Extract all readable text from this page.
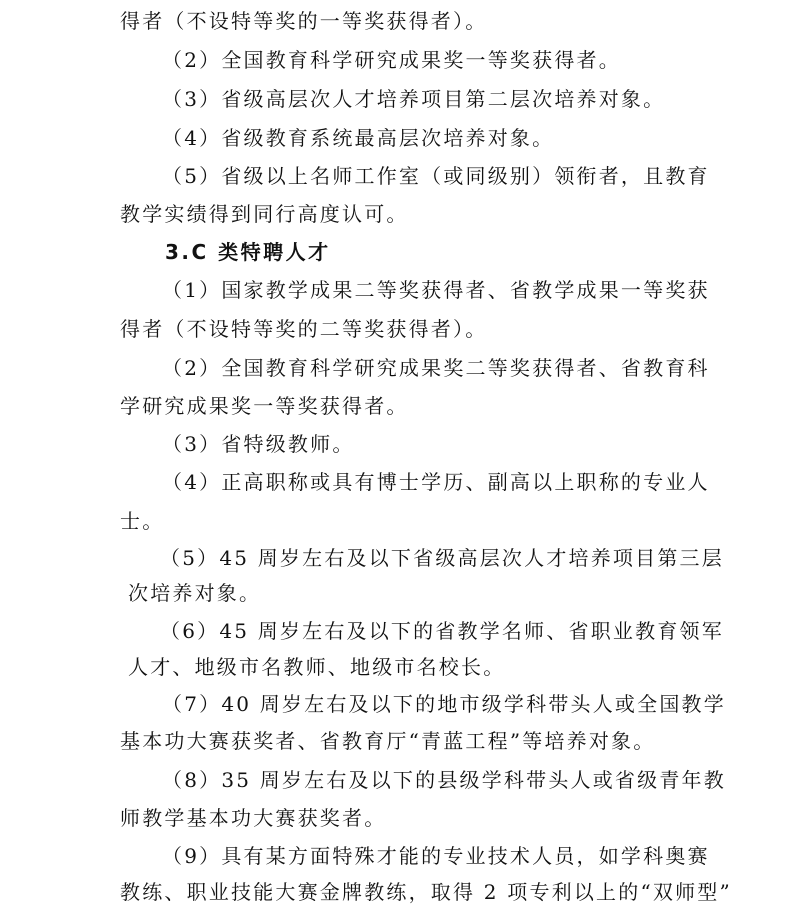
得者（不设特等奖的一等奖获得者）。
（2）全国教育科学研究成果奖一等奖获得者。
（3）省级高层次人才培养项目第二层次培养对象。
（4）省级教育系统最高层次培养对象。
（5）省级以上名师工作室（或同级别）领衔者，且教育
教学实绩得到同行高度认可。
3.C 类特聘人才
（1）国家教学成果二等奖获得者、省教学成果一等奖获
得者（不设特等奖的二等奖获得者）。
（2）全国教育科学研究成果奖二等奖获得者、省教育科
学研究成果奖一等奖获得者。
（3）省特级教师。
（4）正高职称或具有博士学历、副高以上职称的专业人
士。
（5）45 周岁左右及以下省级高层次人才培养项目第三层
次培养对象。
（6）45 周岁左右及以下的省教学名师、省职业教育领军
人才、地级市名教师、地级市名校长。
（7）40 周岁左右及以下的地市级学科带头人或全国教学
基本功大赛获奖者、省教育厅“青蓝工程”等培养对象。
（8）35 周岁左右及以下的县级学科带头人或省级青年教
师教学基本功大赛获奖者。
（9）具有某方面特殊才能的专业技术人员，如学科奥赛
教练、职业技能大赛金牌教练，取得 2 项专利以上的“双师型”
